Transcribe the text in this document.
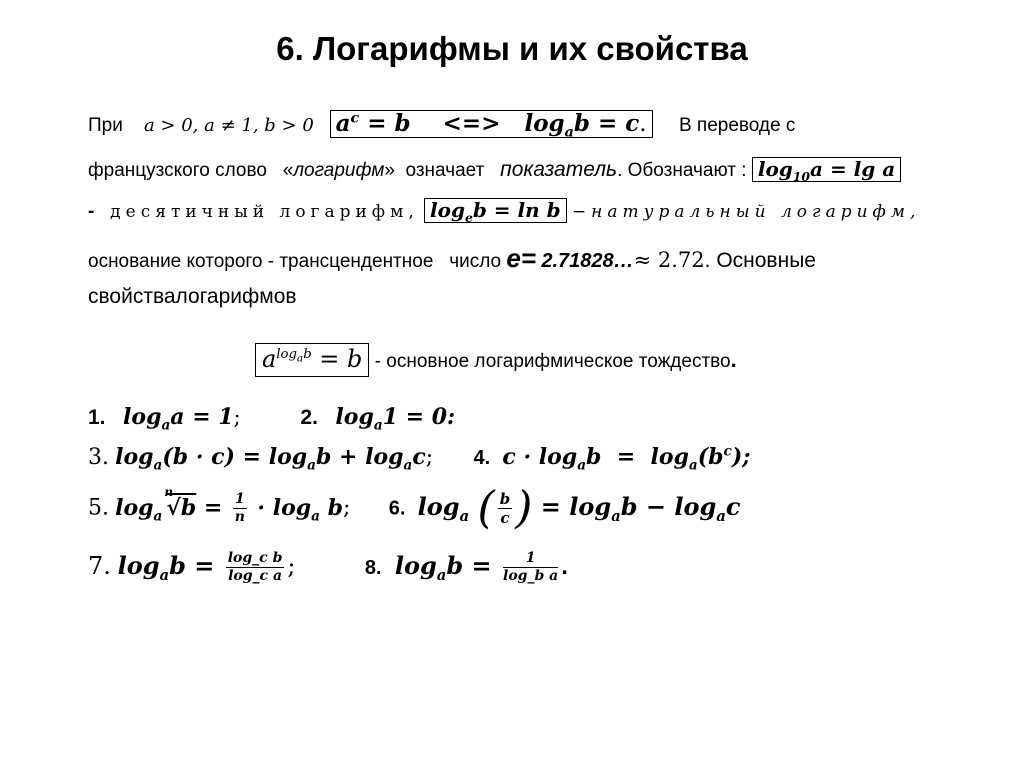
6. Логарифмы и их свойства
При a > 0, a ≠ 1, b > 0 $a^c = b$    <=>   $\log_ab = c$. В переводе с
французского слово   «логарифм»  означает показатель. Обозначают : $\log_{10}a = \lg a$
- десятичный логарифм, $\log_eb = \ln b$ −натуральный логарифм,
основание которого - трансцендентное   число e= 2.71828…≈ 2.72. Основные
свойствалогарифмов
$a^{log_ab} = b$ - основное логарифмическое тождество.
1. $\log_aa = 1$;	2. $\log_a1 = 0$:
3. $\log_a(b \cdot c) = \log_ab + \log_ac$; 4. $c \cdot \log_ab = \log_a(b^c)$;
5. $\log_a$
n
$√b = \frac{1}{n} \cdot \log_a b$; 6. $\log_a$ ( $\frac{b}{c}$ ) = $\log_ab - \log_ac$
7. $\log_ab = \frac{\text{log\_c b}}{\text{log\_c a}}$ ;	8. $\log_ab = \frac{1}{\text{log\_b a}}$ .
